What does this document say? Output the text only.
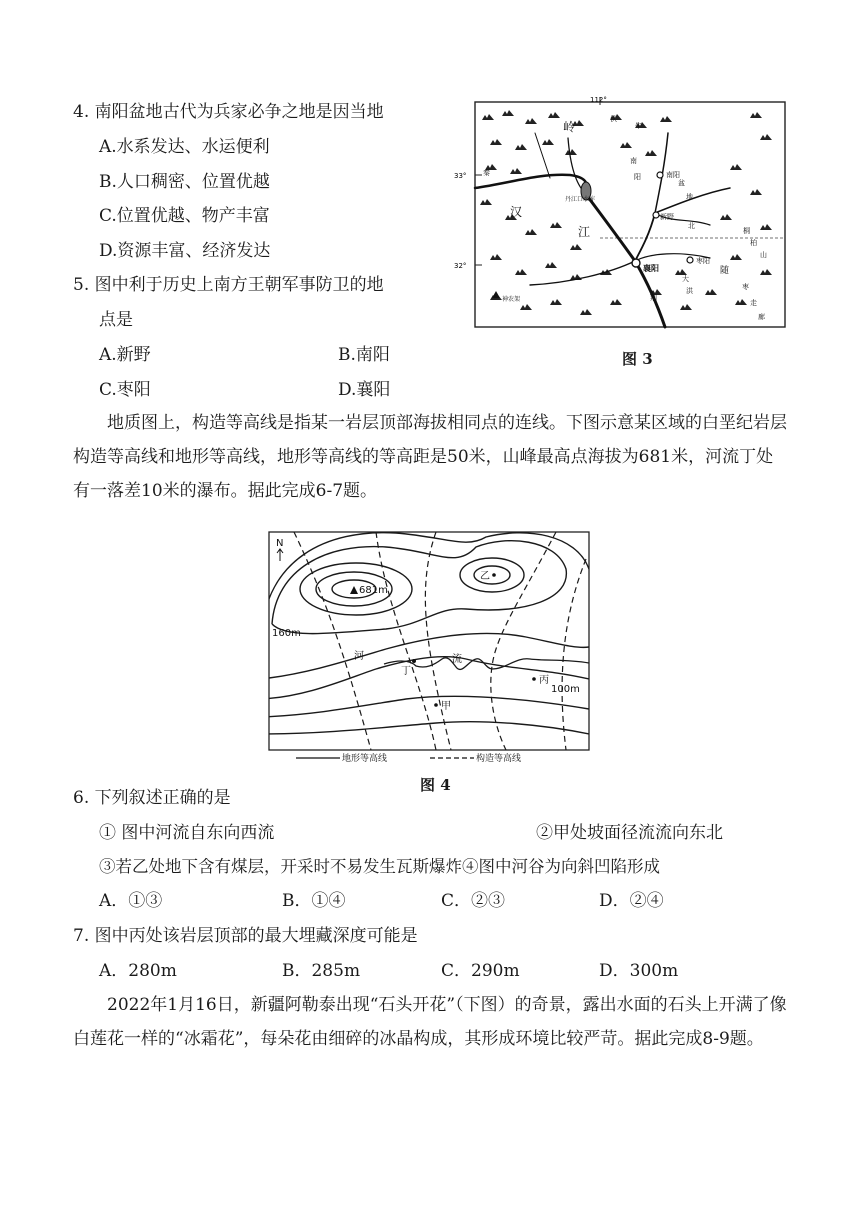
4. 南阳盆地古代为兵家必争之地是因当地
A.水系发达、水运便利
B.人口稠密、位置优越
C.位置优越、物产丰富
D.资源丰富、经济发达
5. 图中利于历史上南方王朝军事防卫的地
点是
A.新野	B.南阳
C.枣阳	D.襄阳
112°
33°
32°
南阳
新野
襄阳
枣阳
丹江口水库
神农架
汉
江
岭
秦
南
阳
盆
地
伏
牛
北
桐
柏
山
随
大
洪
荆
枣
走
廊
图 3
地质图上，构造等高线是指某一岩层顶部海拔相同点的连线。下图示意某区域的白垩纪岩层构造等高线和地形等高线，地形等高线的等高距是50米，山峰最高点海拔为681米，河流丁处有一落差10米的瀑布。据此完成6-7题。
N
681m
乙
丁
丙
甲
160m
100m
河	流
地形等高线	构造等高线
图 4
6. 下列叙述正确的是
① 图中河流自东向西流	②甲处坡面径流流向东北
③若乙处地下含有煤层，开采时不易发生瓦斯爆炸④图中河谷为向斜凹陷形成
A．①③	B．①④	C．②③	D．②④
7. 图中丙处该岩层顶部的最大埋藏深度可能是
A．280m	B．285m	C．290m	D．300m
2022年1月16日，新疆阿勒泰出现“石头开花”（下图）的奇景，露出水面的石头上开满了像白莲花一样的“冰霜花”，每朵花由细碎的冰晶构成，其形成环境比较严苛。据此完成8-9题。
